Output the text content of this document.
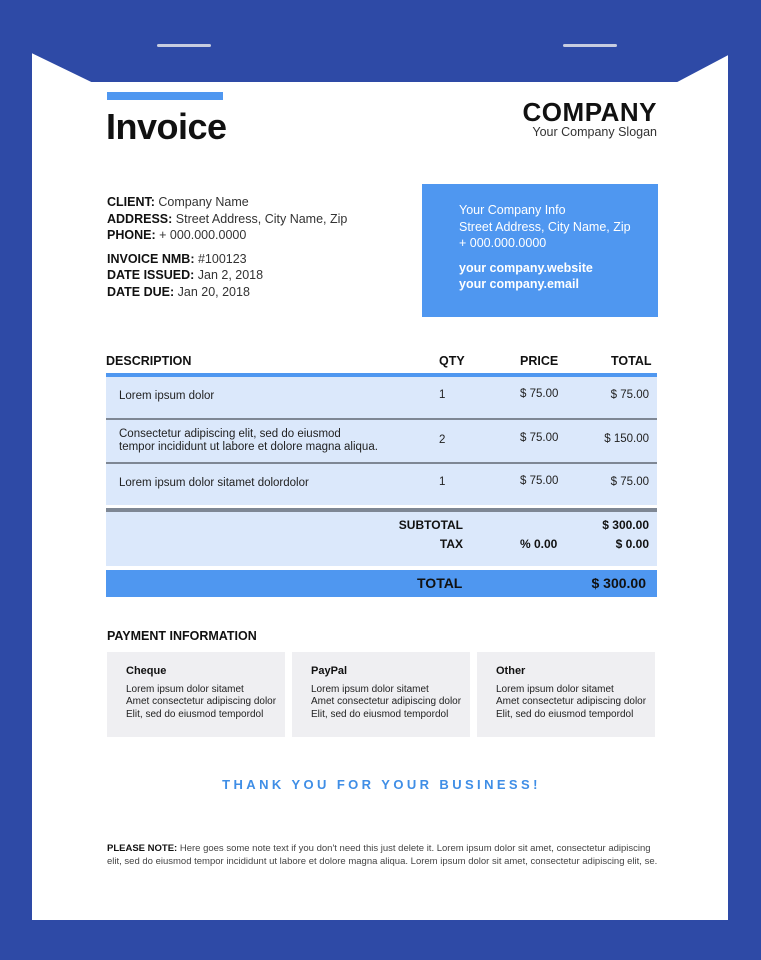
Invoice	COMPANY
Your Company Slogan
CLIENT: Company Name
ADDRESS: Street Address, City Name, Zip
PHONE: + 000.000.0000
INVOICE NMB: #100123
DATE ISSUED: Jan 2, 2018
DATE DUE: Jan 20, 2018
Your Company Info
Street Address, City Name, Zip
+ 000.000.0000
your company.website
your company.email
DESCRIPTION	QTY	PRICE	TOTAL
Lorem ipsum dolor	1	$ 75.00	$ 75.00
Consectetur adipiscing elit, sed do eiusmod
tempor incididunt ut labore et dolore magna aliqua.
2	$ 75.00	$ 150.00
Lorem ipsum dolor sitamet dolordolor	1	$ 75.00	$ 75.00
SUBTOTAL	$ 300.00
TAX	% 0.00	$ 0.00
TOTAL	$ 300.00
PAYMENT INFORMATION
Cheque
Lorem ipsum dolor sitamet
Amet consectetur adipiscing dolor
Elit, sed do eiusmod tempordol
PayPal
Lorem ipsum dolor sitamet
Amet consectetur adipiscing dolor
Elit, sed do eiusmod tempordol
Other
Lorem ipsum dolor sitamet
Amet consectetur adipiscing dolor
Elit, sed do eiusmod tempordol
THANK YOU FOR YOUR BUSINESS!
PLEASE NOTE: Here goes some note text if you don't need this just delete it. Lorem ipsum dolor sit amet, consectetur adipiscing elit, sed do eiusmod tempor incididunt ut labore et dolore magna aliqua. Lorem ipsum dolor sit amet, consectetur adipiscing elit, se.
